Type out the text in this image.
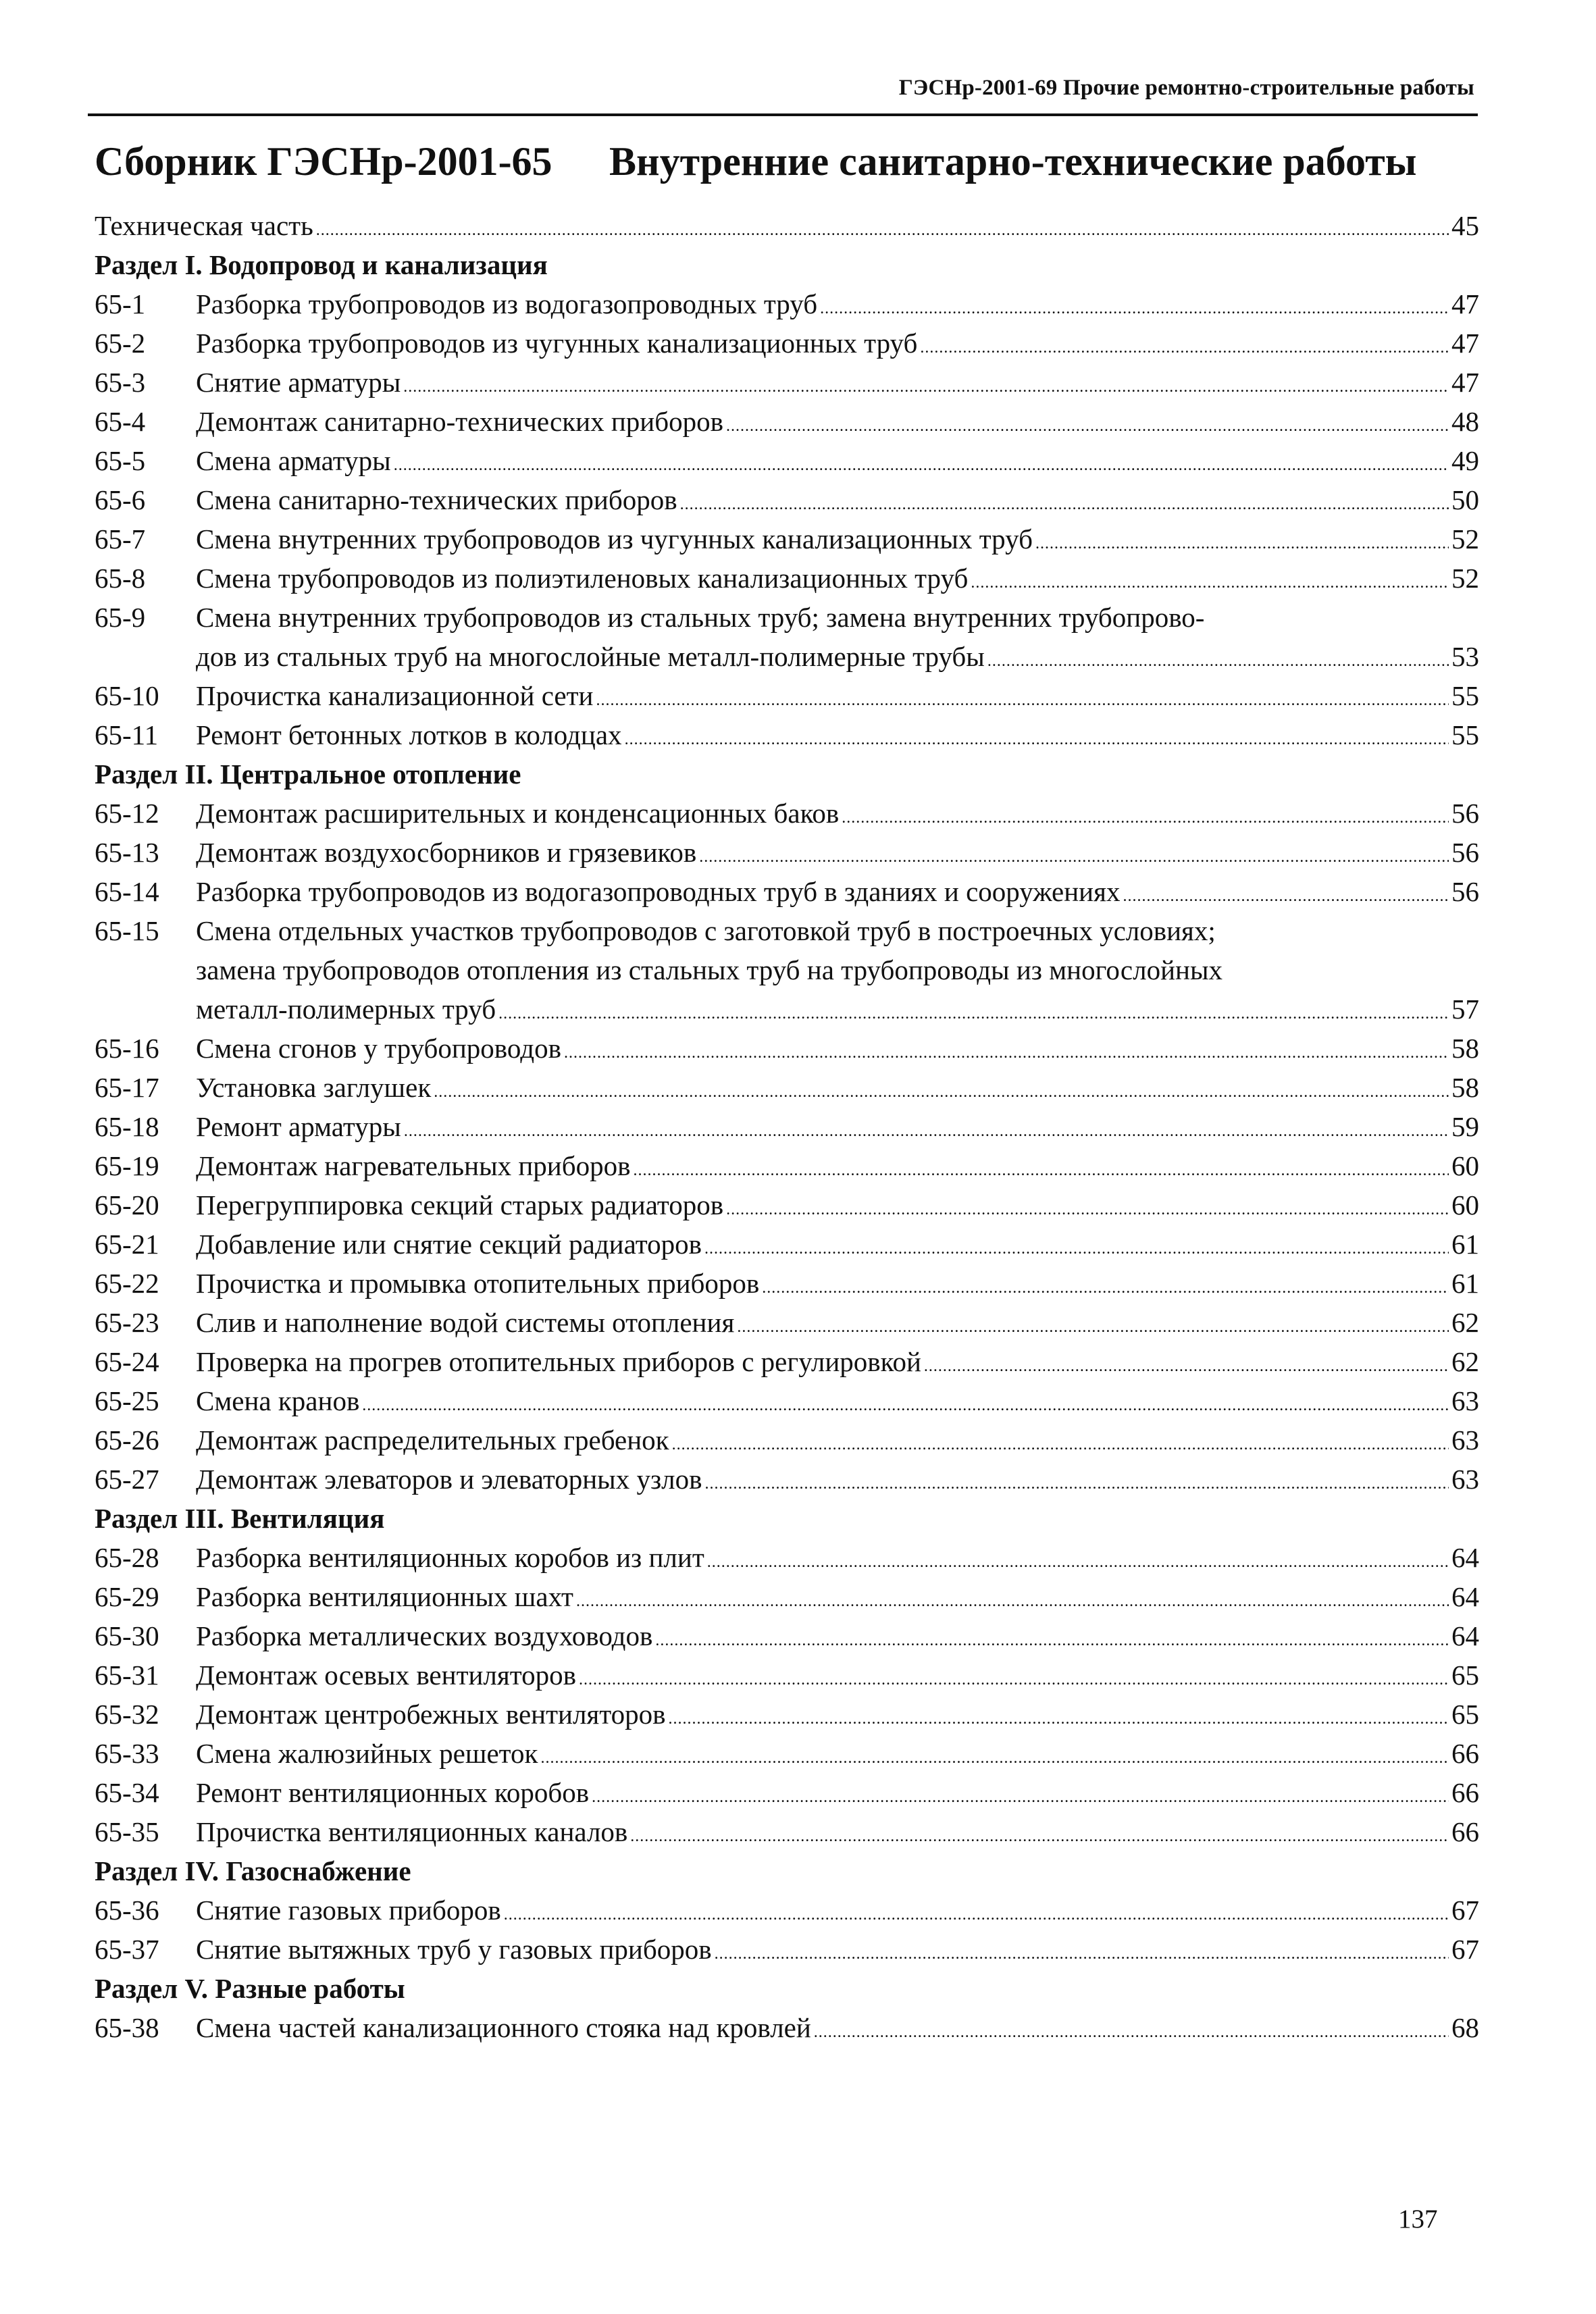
ГЭСНр-2001-69 Прочие ремонтно-строительные работы
Сборник ГЭСНр-2001-65 Внутренние санитарно-технические работы
Техническая часть .....	45
Раздел I. Водопровод и канализация
65-1 Разборка трубопроводов из водогазопроводных труб .....	47
65-2 Разборка трубопроводов из чугунных канализационных труб .....	47
65-3 Снятие арматуры .....	47
65-4 Демонтаж санитарно-технических приборов .....	48
65-5 Смена арматуры .....	49
65-6 Смена санитарно-технических приборов .....	50
65-7 Смена внутренних трубопроводов из чугунных канализационных труб .....	52
65-8 Смена трубопроводов из полиэтиленовых канализационных труб .....	52
65-9 Смена внутренних трубопроводов из стальных труб; замена внутренних трубопрово-
дов из стальных труб на многослойные металл-полимерные трубы .....	53
65-10 Прочистка канализационной сети .....	55
65-11 Ремонт бетонных лотков в колодцах .....	55
Раздел II. Центральное отопление
65-12 Демонтаж расширительных и конденсационных баков .....	56
65-13 Демонтаж воздухосборников и грязевиков .....	56
65-14 Разборка трубопроводов из водогазопроводных труб в зданиях и сооружениях .....	56
65-15 Смена отдельных участков трубопроводов с заготовкой труб в построечных условиях;
замена трубопроводов отопления из стальных труб на трубопроводы из многослойных
металл-полимерных труб .....	57
65-16 Смена сгонов у трубопроводов .....	58
65-17 Установка заглушек .....	58
65-18 Ремонт арматуры .....	59
65-19 Демонтаж нагревательных приборов .....	60
65-20 Перегруппировка секций старых радиаторов .....	60
65-21 Добавление или снятие секций радиаторов .....	61
65-22 Прочистка и промывка отопительных приборов .....	61
65-23 Слив и наполнение водой системы отопления .....	62
65-24 Проверка на прогрев отопительных приборов с регулировкой .....	62
65-25 Смена кранов .....	63
65-26 Демонтаж распределительных гребенок .....	63
65-27 Демонтаж элеваторов и элеваторных узлов .....	63
Раздел III. Вентиляция
65-28 Разборка вентиляционных коробов из плит .....	64
65-29 Разборка вентиляционных шахт .....	64
65-30 Разборка металлических воздуховодов .....	64
65-31 Демонтаж осевых вентиляторов .....	65
65-32 Демонтаж центробежных вентиляторов .....	65
65-33 Смена жалюзийных решеток .....	66
65-34 Ремонт вентиляционных коробов .....	66
65-35 Прочистка вентиляционных каналов .....	66
Раздел IV. Газоснабжение
65-36 Снятие газовых приборов .....	67
65-37 Снятие вытяжных труб у газовых приборов .....	67
Раздел V. Разные работы
65-38 Смена частей канализационного стояка над кровлей .....	68
137
